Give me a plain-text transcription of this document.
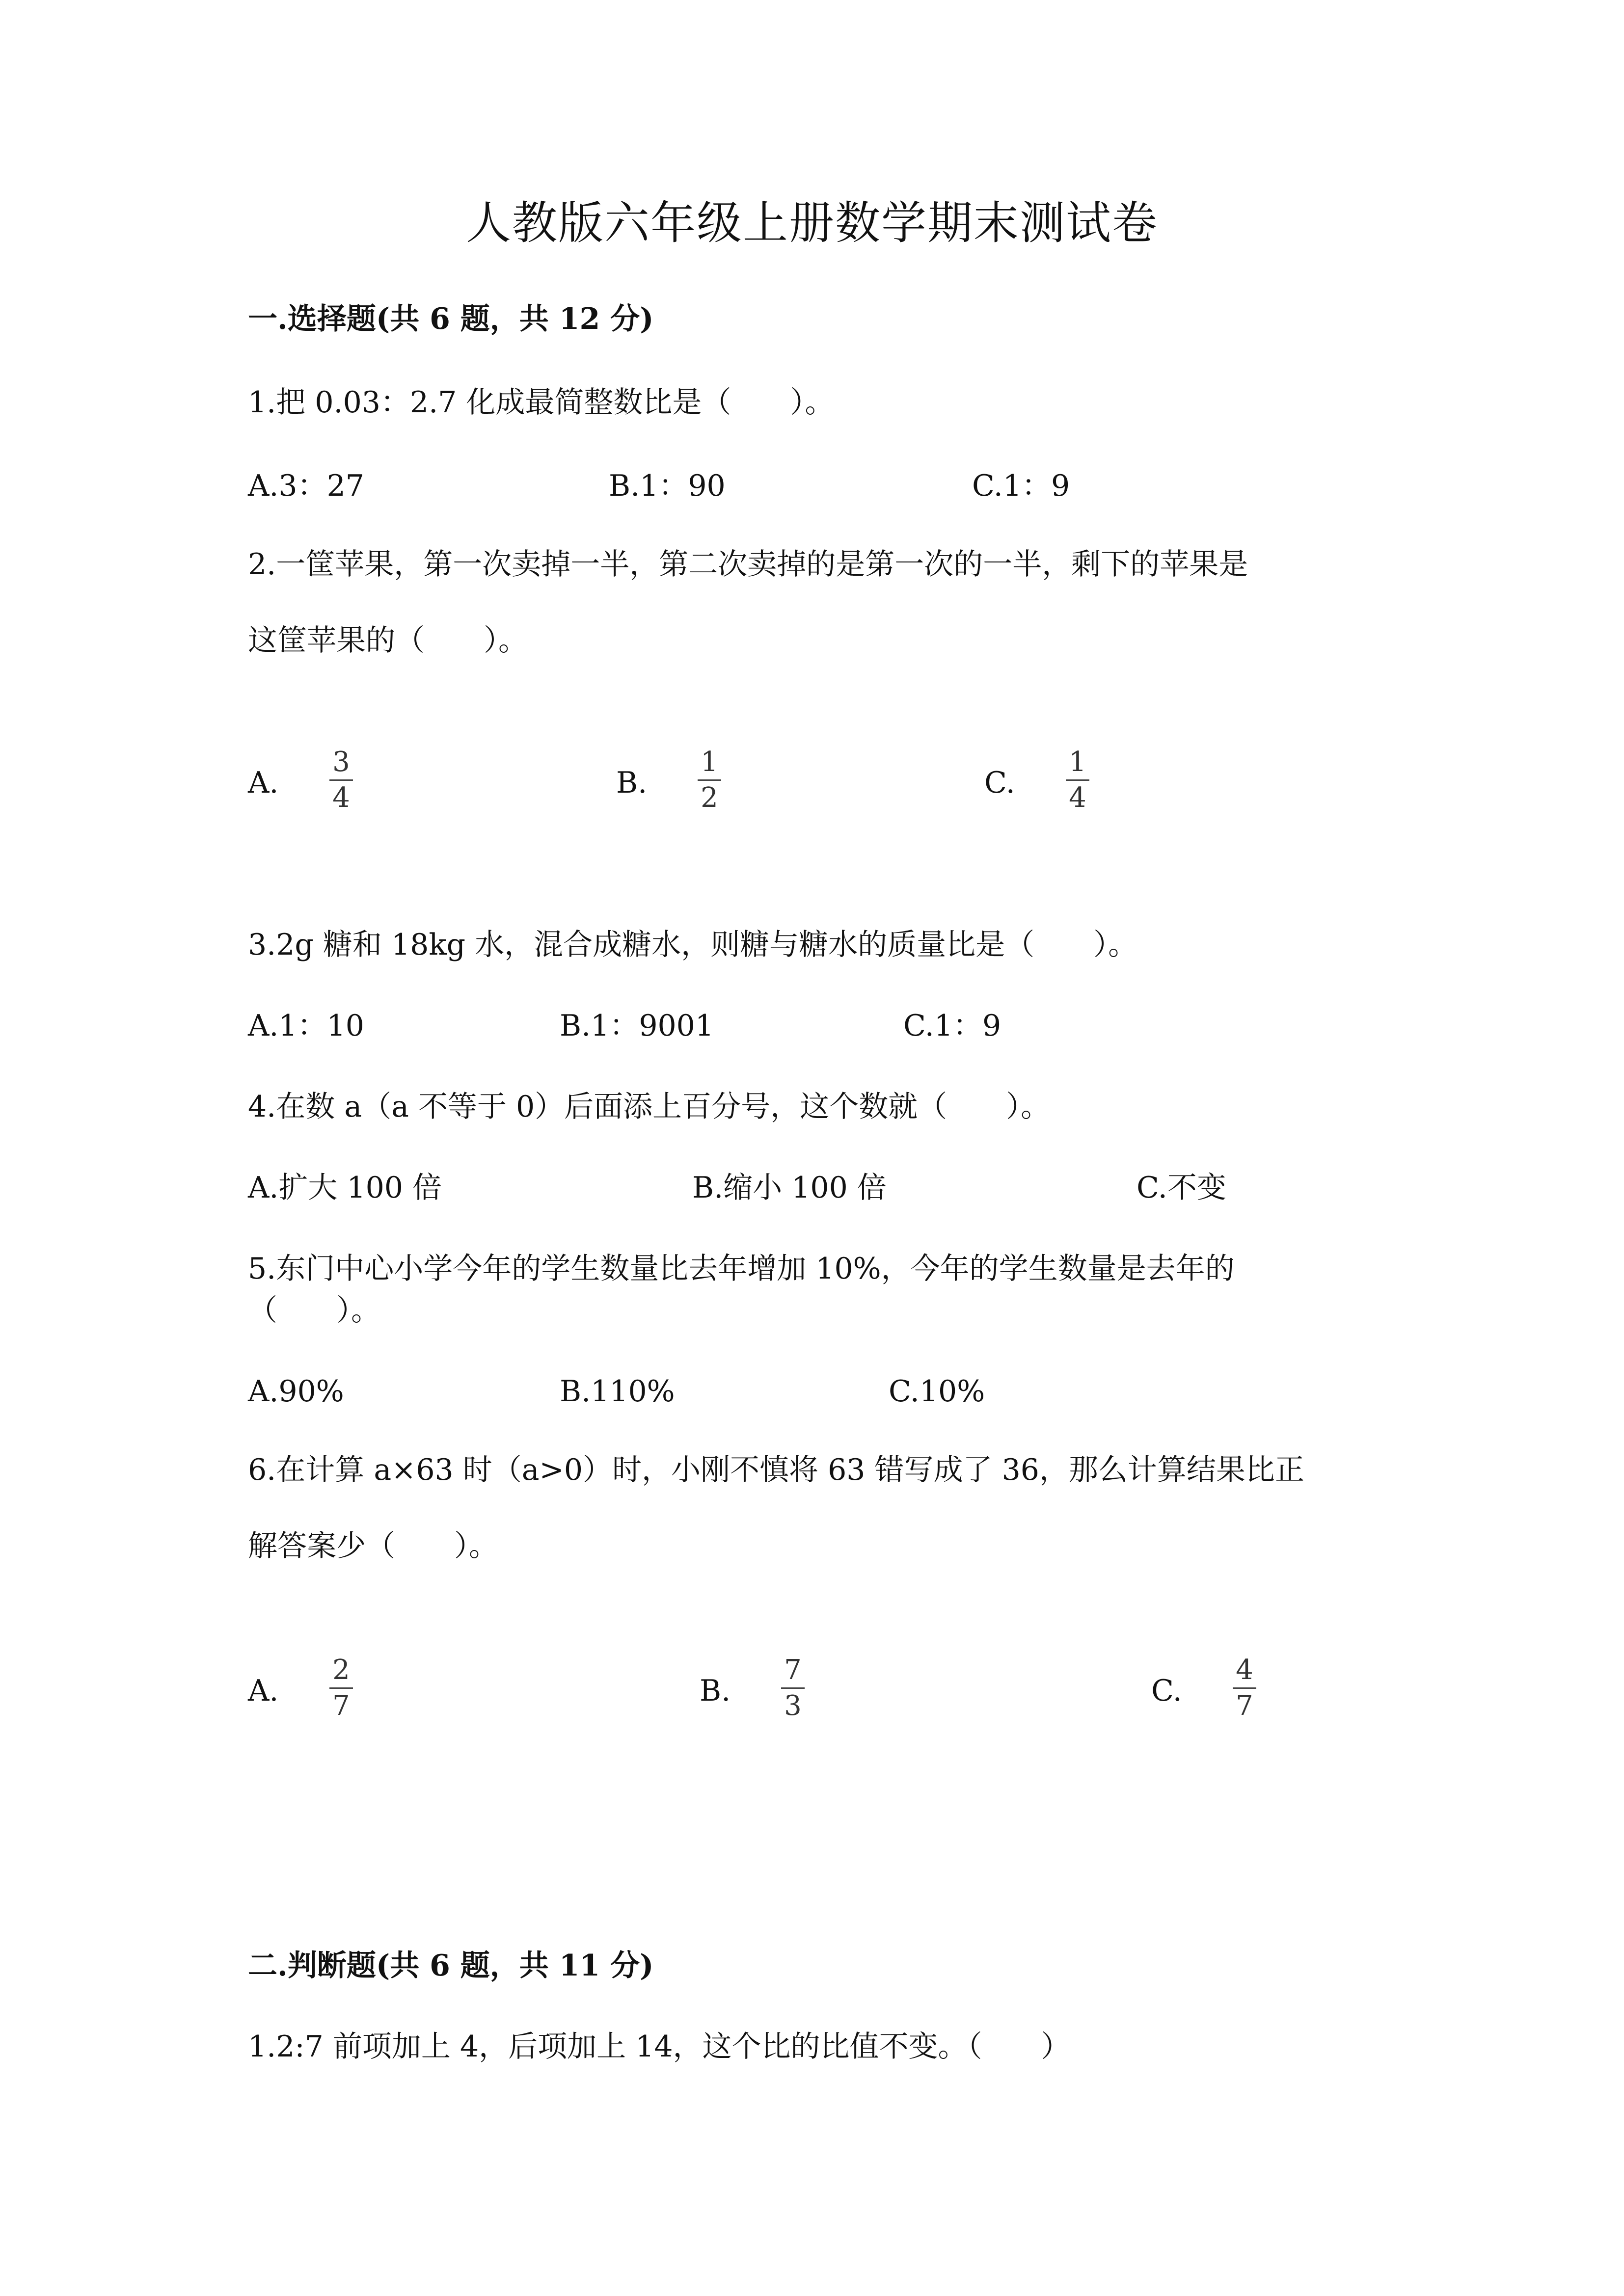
人教版六年级上册数学期末测试卷
一.选择题(共 6 题，共 12 分)
1.把 0.03：2.7 化成最简整数比是（　　）。
A.3：27	B.1：90	C.1：9
2.一筐苹果，第一次卖掉一半，第二次卖掉的是第一次的一半，剩下的苹果是
这筐苹果的（　　）。
A.
3
4	B.
1
2	C.
1
4
3.2g 糖和 18kg 水，混合成糖水，则糖与糖水的质量比是（　　）。
A.1：10	B.1：9001	C.1：9
4.在数 a（a 不等于 0）后面添上百分号，这个数就（　　）。
A.扩大 100 倍	B.缩小 100 倍	C.不变
5.东门中心小学今年的学生数量比去年增加 10%，今年的学生数量是去年的
（　　）。
A.90%	B.110%	C.10%
6.在计算 a×63 时（a>0）时，小刚不慎将 63 错写成了 36，那么计算结果比正
解答案少（　　）。
A.
2
7	B.
7
3	C.
4
7
二.判断题(共 6 题，共 11 分)
1.2:7 前项加上 4，后项加上 14，这个比的比值不变。（　　）
